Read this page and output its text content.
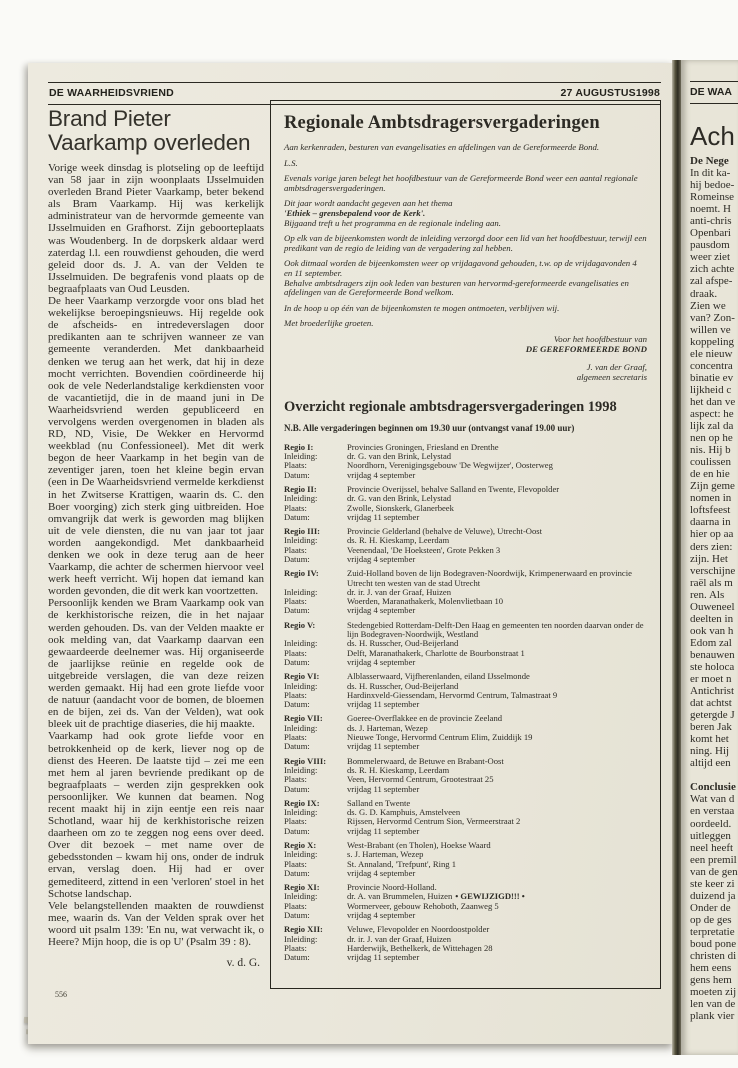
DE WAARHEIDSVRIEND	27 AUGUSTUS1998
Brand Pieter
Vaarkamp overleden

Vorige week dinsdag is plotseling op de leeftijd van 58 jaar in zijn woonplaats IJsselmuiden overleden Brand Pieter Vaarkamp, beter bekend als Bram Vaarkamp. Hij was kerkelijk administrateur van de hervormde gemeente van IJsselmuiden en Grafhorst. Zijn geboorteplaats was Woudenberg. In de dorpskerk aldaar werd zaterdag l.l. een rouwdienst gehouden, die werd geleid door ds. J. A. van der Velden te IJsselmuiden. De begrafenis vond plaats op de begraafplaats van Oud Leusden.

De heer Vaarkamp verzorgde voor ons blad het wekelijkse beroepingsnieuws. Hij regelde ook de afscheids- en intredeverslagen door predikanten aan te schrijven wanneer ze van gemeente veranderden. Met dankbaarheid denken we terug aan het werk, dat hij in deze mocht verrichten. Bovendien coördineerde hij ook de vele Nederlandstalige kerkdiensten voor de vacantietijd, die in de maand juni in De Waarheidsvriend werden gepubliceerd en vervolgens werden overgenomen in bladen als RD, ND, Visie, De Wekker en Hervormd weekblad (nu Confessioneel). Met dit werk begon de heer Vaarkamp in het begin van de zeventiger jaren, toen het kleine begin ervan (een in De Waarheidsvriend vermelde kerkdienst in het Zwitserse Krattigen, waarin ds. C. den Boer voorging) zich sterk ging uitbreiden. Hoe omvangrijk dat werk is geworden mag blijken uit de vele diensten, die nu van jaar tot jaar worden aangekondigd. Met dankbaarheid denken we ook in deze terug aan de heer Vaarkamp, die achter de schermen hiervoor veel werk heeft verricht. Wij hopen dat iemand kan worden gevonden, die dit werk kan voortzetten.

Persoonlijk kenden we Bram Vaarkamp ook van de kerkhistorische reizen, die in het najaar werden gehouden. Ds. van der Velden maakte er ook melding van, dat Vaarkamp daarvan een gewaardeerde deelnemer was. Hij organiseerde de jaarlijkse reünie en regelde ook de uitgebreide verslagen, die van deze reizen werden gemaakt. Hij had een grote liefde voor de natuur (aandacht voor de bomen, de bloemen en de bijen, zei ds. Van der Velden), wat ook bleek uit de prachtige diaseries, die hij maakte.

Vaarkamp had ook grote liefde voor en betrokkenheid op de kerk, liever nog op de dienst des Heeren. De laatste tijd – zei me een met hem al jaren bevriende predikant op de begraafplaats – werden zijn gesprekken ook persoonlijker. We kunnen dat beamen. Nog recent maakt hij in zijn eentje een reis naar Schotland, waar hij de kerkhistorische reizen daarheen om zo te zeggen nog eens over deed. Over dit bezoek – met name over de gebedsstonden – kwam hij ons, onder de indruk ervan, verslag doen. Hij had er over gemediteerd, zittend in een 'verloren' stoel in het Schotse landschap.

Vele belangstellenden maakten de rouwdienst mee, waarin ds. Van der Velden sprak over het woord uit psalm 139: 'En nu, wat verwacht ik, o Heere? Mijn hoop, die is op U' (Psalm 39 : 8).

v. d. G.
556
Regionale Ambtsdragersvergaderingen

Aan kerkenraden, besturen van evangelisaties en afdelingen van de Gereformeerde Bond.

L.S.

Evenals vorige jaren belegt het hoofdbestuur van de Gereformeerde Bond weer een aantal regionale ambtsdragersvergaderingen.

Dit jaar wordt aandacht gegeven aan het thema

'Ethiek – grensbepalend voor de Kerk'.

Bijgaand treft u het programma en de regionale indeling aan.

Op elk van de bijeenkomsten wordt de inleiding verzorgd door een lid van het hoofdbestuur, terwijl een predikant van de regio de leiding van de vergadering zal hebben.

Ook ditmaal worden de bijeenkomsten weer op vrijdagavond gehouden, t.w. op de vrijdagavonden 4 en 11 september.

Behalve ambtsdragers zijn ook leden van besturen van hervormd-gereformeerde evangelisaties en afdelingen van de Gereformeerde Bond welkom.

In de hoop u op één van de bijeenkomsten te mogen ontmoeten, verblijven wij.

Met broederlijke groeten.

Voor het hoofdbestuur van
DE GEREFORMEERDE BOND
J. van der Graaf,
algemeen secretaris
Overzicht regionale ambtsdragersvergaderingen 1998
N.B. Alle vergaderingen beginnen om 19.30 uur (ontvangst vanaf 19.00 uur)
Regio I:	Provincies Groningen, Friesland en Drenthe
Inleiding:	dr. G. van den Brink, Lelystad
Plaats:	Noordhorn, Verenigingsgebouw 'De Wegwijzer', Oosterweg
Datum:	vrijdag 4 september
Regio II:	Provincie Overijssel, behalve Salland en Twente, Flevopolder
Inleiding:	dr. G. van den Brink, Lelystad
Plaats:	Zwolle, Sionskerk, Glanerbeek
Datum:	vrijdag 11 september
Regio III:	Provincie Gelderland (behalve de Veluwe), Utrecht-Oost
Inleiding:	ds. R. H. Kieskamp, Leerdam
Plaats:	Veenendaal, 'De Hoeksteen', Grote Pekken 3
Datum:	vrijdag 4 september
Regio IV:	Zuid-Holland boven de lijn Bodegraven-Noordwijk, Krimpenerwaard en provincie Utrecht ten westen van de stad Utrecht
Inleiding:	dr. ir. J. van der Graaf, Huizen
Plaats:	Woerden, Maranathakerk, Molenvlietbaan 10
Datum:	vrijdag 4 september
Regio V:	Stedengebied Rotterdam-Delft-Den Haag en gemeenten ten noorden daarvan onder de lijn Bodegraven-Noordwijk, Westland
Inleiding:	ds. H. Russcher, Oud-Beijerland
Plaats:	Delft, Maranathakerk, Charlotte de Bourbonstraat 1
Datum:	vrijdag 4 september
Regio VI:	Alblasserwaard, Vijfherenlanden, eiland IJsselmonde
Inleiding:	ds. H. Russcher, Oud-Beijerland
Plaats:	Hardinxveld-Giessendam, Hervormd Centrum, Talmastraat 9
Datum:	vrijdag 11 september
Regio VII:	Goeree-Overflakkee en de provincie Zeeland
Inleiding:	ds. J. Harteman, Wezep
Plaats:	Nieuwe Tonge, Hervormd Centrum Elim, Zuiddijk 19
Datum:	vrijdag 11 september
Regio VIII:	Bommelerwaard, de Betuwe en Brabant-Oost
Inleiding:	ds. R. H. Kieskamp, Leerdam
Plaats:	Veen, Hervormd Centrum, Grootestraat 25
Datum:	vrijdag 11 september
Regio IX:	Salland en Twente
Inleiding:	ds. G. D. Kamphuis, Amstelveen
Plaats:	Rijssen, Hervormd Centrum Sion, Vermeerstraat 2
Datum:	vrijdag 11 september
Regio X:	West-Brabant (en Tholen), Hoekse Waard
Inleiding:	s. J. Harteman, Wezep
Plaats:	St. Annaland, 'Trefpunt', Ring 1
Datum:	vrijdag 4 september
Regio XI:	Provincie Noord-Holland.
Inleiding:	dr. A. van Brummelen, Huizen • GEWIJZIGD!!! •
Plaats:	Wormerveer, gebouw Rehoboth, Zaanweg 5
Datum:	vrijdag 4 september
Regio XII:	Veluwe, Flevopolder en Noordoostpolder
Inleiding:	dr. ir. J. van der Graaf, Huizen
Plaats:	Harderwijk, Bethelkerk, de Wittehagen 28
Datum:	vrijdag 11 september
DE WAA
Ach
De Nege
In dit ka-
hij bedoe-
Romeinse
noemt. H
anti-chris
Openbari
pausdom
weer ziet
zich achte
zal afspe-
draak.
Zien we
van? Zon-
willen ve
koppeling
ele nieuw
concentra
binatie ev
lijkheid c
het dan ve
aspect: he
lijk zal da
nen op he
nis. Hij b
coulissen
de en hie
Zijn geme
nomen in
loftsfeest
daarna in
hier op aa
ders zien:
zijn. Het
verschijne
raël als m
ren. Als
Ouweneel
deelten in
ook van h
Edom zal
benauwen
ste holoca
er moet n
Antichrist
dat achtst
getergde J
beren Jak
komt het
ning. Hij
altijd een
Conclusie
Wat van d
en verstaa
oordeeld.
uitleggen
neel heeft
een premil
van de gen
ste keer zi
duizend ja
Onder de
op de ges
terpretatie
boud pone
christen di
hem eens
gens hem
moeten zij
len van de
plank vier
